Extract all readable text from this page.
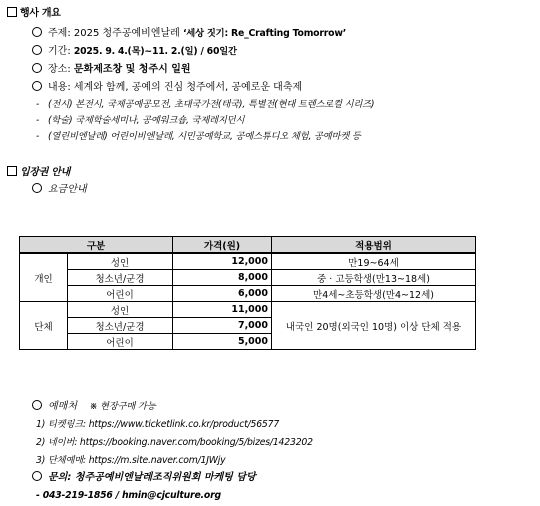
행사 개요
주제: 2025 청주공예비엔날레 ‘세상 짓기: Re_Crafting Tomorrow’
기간: 2025. 9. 4.(목)~11. 2.(일) / 60일간
장소: 문화제조창 및 청주시 일원
내용: 세계와 함께, 공예의 진심 청주에서, 공예로운 대축제
- (전시) 본전시, 국제공예공모전, 초대국가전(태국), 특별전(현대 트렌스로컬 시리즈)
- (학술) 국제학술세미나, 공예워크숍, 국제레지던시
- (열린비엔날레) 어린이비엔날레, 시민공예학교, 공예스튜디오 체험, 공예마켓 등
입장권 안내
요금안내
구분		가격(원)	적용범위
개인	성인	12,000	만19~64세
	청소년/군경	8,000	중 · 고등학생(만13~18세)
	어린이	6,000	만4세~초등학생(만4~12세)
단체	성인	11,000	내국인 20명(외국인 10명) 이상 단체 적용
	청소년/군경	7,000	
	어린이	5,000	
예매처 ※ 현장구매 가능
1) 티켓링크: https://www.ticketlink.co.kr/product/56577
2) 네이버: https://booking.naver.com/booking/5/bizes/1423202
3) 단체예매: https://m.site.naver.com/1JWjy
문의: 청주공예비엔날레조직위원회 마케팅 담당
- 043-219-1856 / hmin@cjculture.org
